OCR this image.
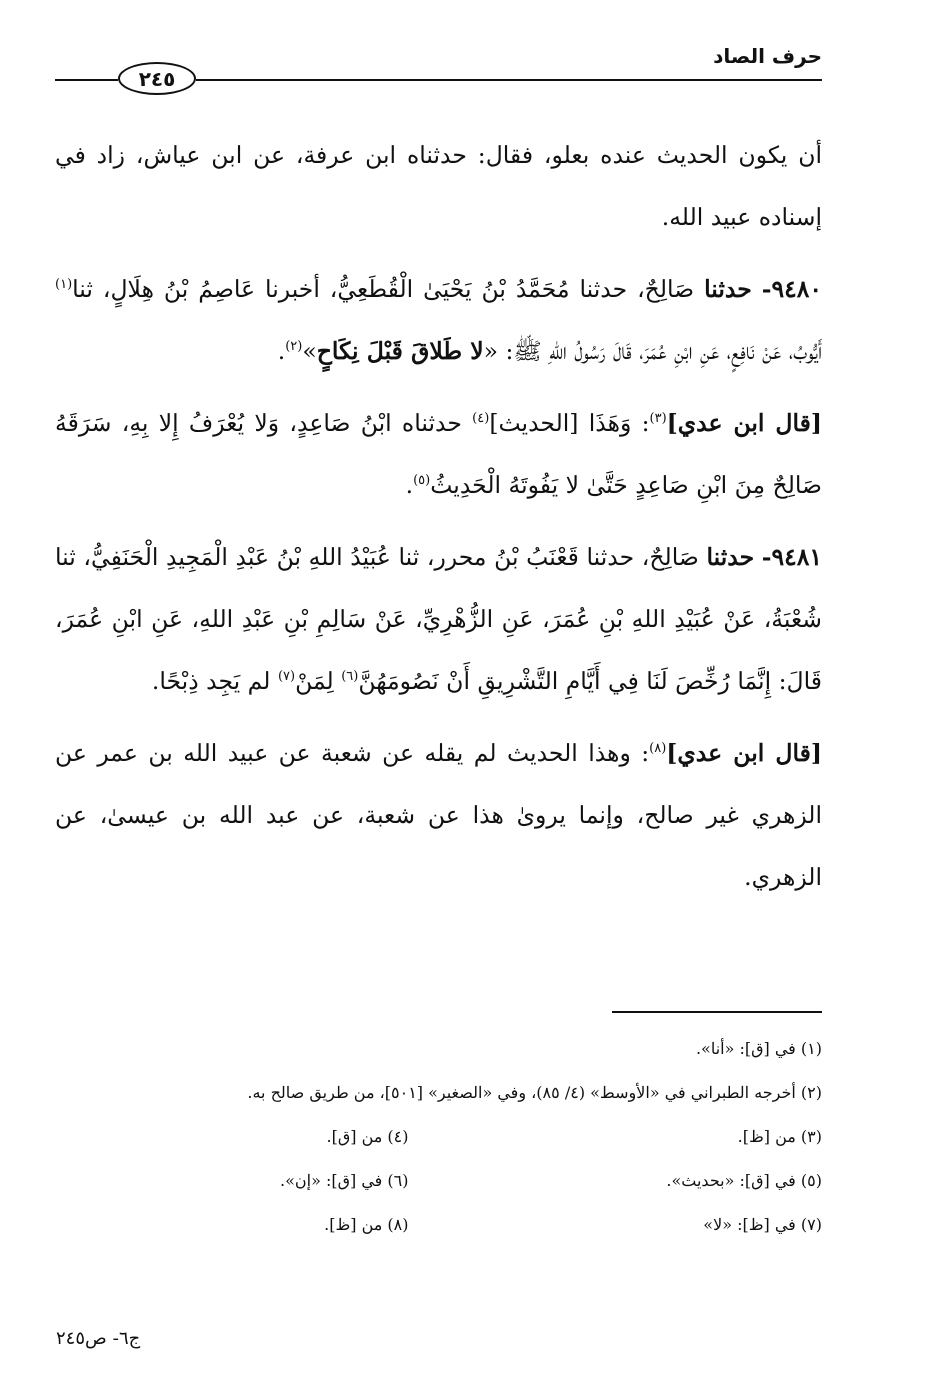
حرف الصاد
٢٤٥

أن يكون الحديث عنده بعلو، فقال: حدثناه ابن عرفة، عن ابن عياش، زاد في إسناده عبيد الله.

٩٤٨٠- حدثنا صَالِحٌ، حدثنا مُحَمَّدُ بْنُ يَحْيَىٰ الْقُطَعِيُّ، أخبرنا عَاصِمُ بْنُ هِلَالٍ، ثنا$^{(١)}$ أَيُّوبُ، عَنْ نَافِعٍ، عَنِ ابْنِ عُمَرَ، قَالَ رَسُولُ اللهِ ﷺ: «لا طَلاقَ قَبْلَ نِكَاحٍ»$^{(٢)}$.

[قال ابن عدي]$^{(٣)}$: وَهَذَا [الحديث]$^{(٤)}$ حدثناه ابْنُ صَاعِدٍ، وَلا يُعْرَفُ إِلا بِهِ، سَرَقَهُ صَالِحٌ مِنَ ابْنِ صَاعِدٍ حَتَّىٰ لا يَفُوتَهُ الْحَدِيثُ$^{(٥)}$.

٩٤٨١- حدثنا صَالِحٌ، حدثنا قَعْنَبُ بْنُ محرر، ثنا عُبَيْدُ اللهِ بْنُ عَبْدِ الْمَجِيدِ الْحَنَفِيُّ، ثنا شُعْبَةُ، عَنْ عُبَيْدِ اللهِ بْنِ عُمَرَ، عَنِ الزُّهْرِيِّ، عَنْ سَالِمِ بْنِ عَبْدِ اللهِ، عَنِ ابْنِ عُمَرَ، قَالَ: إِنَّمَا رُخِّصَ لَنَا فِي أَيَّامِ التَّشْرِيقِ أَنْ نَصُومَهُنَّ$^{(٦)}$ لِمَنْ$^{(٧)}$ لم يَجِد ذِبْحًا.

[قال ابن عدي]$^{(٨)}$: وهذا الحديث لم يقله عن شعبة عن عبيد الله بن عمر عن الزهري غير صالح، وإنما يروىٰ هذا عن شعبة، عن عبد الله بن عيسىٰ، عن الزهري.

(١) في [ق]: «أنا».
(٢) أخرجه الطبراني في «الأوسط» (٤/ ٨٥)، وفي «الصغير» [٥٠١]، من طريق صالح به.
(٣) من [ظ].
(٤) من [ق].
(٥) في [ق]: «بحديث».
(٦) في [ق]: «إن».
(٧) في [ظ]: «لا»
(٨) من [ظ].
ج٦- ص٢٤٥
